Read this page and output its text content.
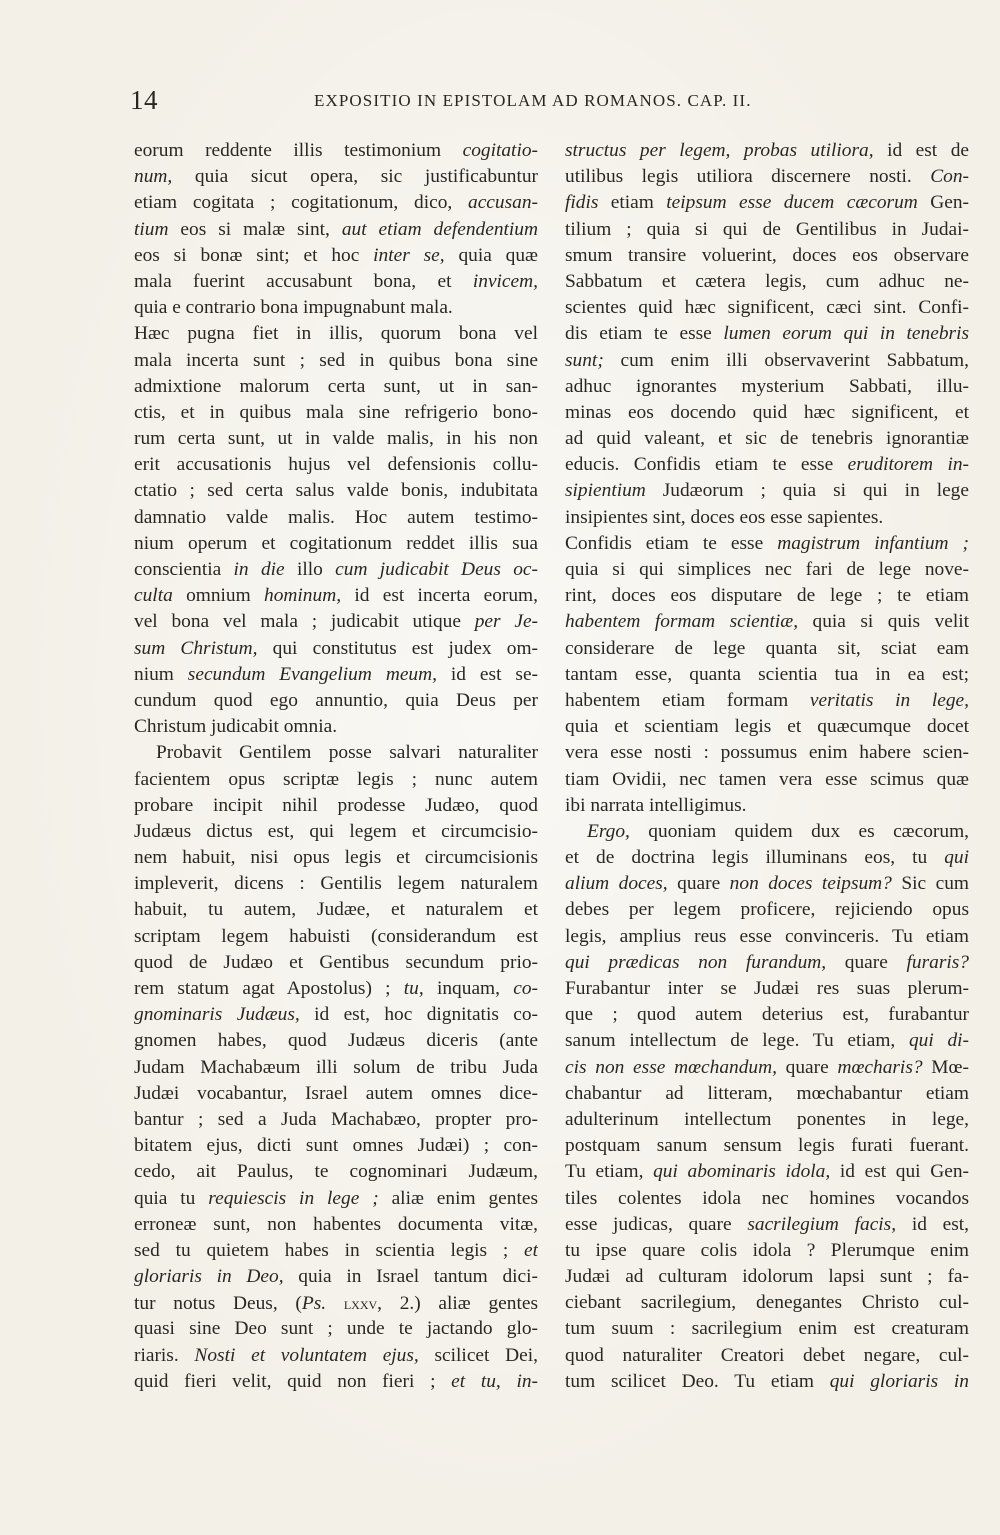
14	EXPOSITIO IN EPISTOLAM AD ROMANOS. CAP. II.
eorum reddente illis testimonium cogitatio-
num, quia sicut opera, sic justificabuntur
etiam cogitata ; cogitationum, dico, accusan-
tium eos si malæ sint, aut etiam defendentium
eos si bonæ sint; et hoc inter se, quia quæ
mala fuerint accusabunt bona, et invicem,
quia e contrario bona impugnabunt mala.
Hæc pugna fiet in illis, quorum bona vel
mala incerta sunt ; sed in quibus bona sine
admixtione malorum certa sunt, ut in san-
ctis, et in quibus mala sine refrigerio bono-
rum certa sunt, ut in valde malis, in his non
erit accusationis hujus vel defensionis collu-
ctatio ; sed certa salus valde bonis, indubitata
damnatio valde malis. Hoc autem testimo-
nium operum et cogitationum reddet illis sua
conscientia in die illo cum judicabit Deus oc-
culta omnium hominum, id est incerta eorum,
vel bona vel mala ; judicabit utique per Je-
sum Christum, qui constitutus est judex om-
nium secundum Evangelium meum, id est se-
cundum quod ego annuntio, quia Deus per
Christum judicabit omnia.
Probavit Gentilem posse salvari naturaliter
facientem opus scriptæ legis ; nunc autem
probare incipit nihil prodesse Judæo, quod
Judæus dictus est, qui legem et circumcisio-
nem habuit, nisi opus legis et circumcisionis
impleverit, dicens : Gentilis legem naturalem
habuit, tu autem, Judæe, et naturalem et
scriptam legem habuisti (considerandum est
quod de Judæo et Gentibus secundum prio-
rem statum agat Apostolus) ; tu, inquam, co-
gnominaris Judæus, id est, hoc dignitatis co-
gnomen habes, quod Judæus diceris (ante
Judam Machabæum illi solum de tribu Juda
Judæi vocabantur, Israel autem omnes dice-
bantur ; sed a Juda Machabæo, propter pro-
bitatem ejus, dicti sunt omnes Judæi) ; con-
cedo, ait Paulus, te cognominari Judæum,
quia tu requiescis in lege ; aliæ enim gentes
erroneæ sunt, non habentes documenta vitæ,
sed tu quietem habes in scientia legis ; et
gloriaris in Deo, quia in Israel tantum dici-
tur notus Deus, (Ps. lxxv, 2.) aliæ gentes
quasi sine Deo sunt ; unde te jactando glo-
riaris. Nosti et voluntatem ejus, scilicet Dei,
quid fieri velit, quid non fieri ; et tu, in-
structus per legem, probas utiliora, id est de
utilibus legis utiliora discernere nosti. Con-
fidis etiam teipsum esse ducem cæcorum Gen-
tilium ; quia si qui de Gentilibus in Judai-
smum transire voluerint, doces eos observare
Sabbatum et cætera legis, cum adhuc ne-
scientes quid hæc significent, cæci sint. Confi-
dis etiam te esse lumen eorum qui in tenebris
sunt; cum enim illi observaverint Sabbatum,
adhuc ignorantes mysterium Sabbati, illu-
minas eos docendo quid hæc significent, et
ad quid valeant, et sic de tenebris ignorantiæ
educis. Confidis etiam te esse eruditorem in-
sipientium Judæorum ; quia si qui in lege
insipientes sint, doces eos esse sapientes.
Confidis etiam te esse magistrum infantium ;
quia si qui simplices nec fari de lege nove-
rint, doces eos disputare de lege ; te etiam
habentem formam scientiæ, quia si quis velit
considerare de lege quanta sit, sciat eam
tantam esse, quanta scientia tua in ea est;
habentem etiam formam veritatis in lege,
quia et scientiam legis et quæcumque docet
vera esse nosti : possumus enim habere scien-
tiam Ovidii, nec tamen vera esse scimus quæ
ibi narrata intelligimus.
Ergo, quoniam quidem dux es cæcorum,
et de doctrina legis illuminans eos, tu qui
alium doces, quare non doces teipsum? Sic cum
debes per legem proficere, rejiciendo opus
legis, amplius reus esse convinceris. Tu etiam
qui prædicas non furandum, quare furaris?
Furabantur inter se Judæi res suas plerum-
que ; quod autem deterius est, furabantur
sanum intellectum de lege. Tu etiam, qui di-
cis non esse mœchandum, quare mœcharis? Mœ-
chabantur ad litteram, mœchabantur etiam
adulterinum intellectum ponentes in lege,
postquam sanum sensum legis furati fuerant.
Tu etiam, qui abominaris idola, id est qui Gen-
tiles colentes idola nec homines vocandos
esse judicas, quare sacrilegium facis, id est,
tu ipse quare colis idola ? Plerumque enim
Judæi ad culturam idolorum lapsi sunt ; fa-
ciebant sacrilegium, denegantes Christo cul-
tum suum : sacrilegium enim est creaturam
quod naturaliter Creatori debet negare, cul-
tum scilicet Deo. Tu etiam qui gloriaris in
